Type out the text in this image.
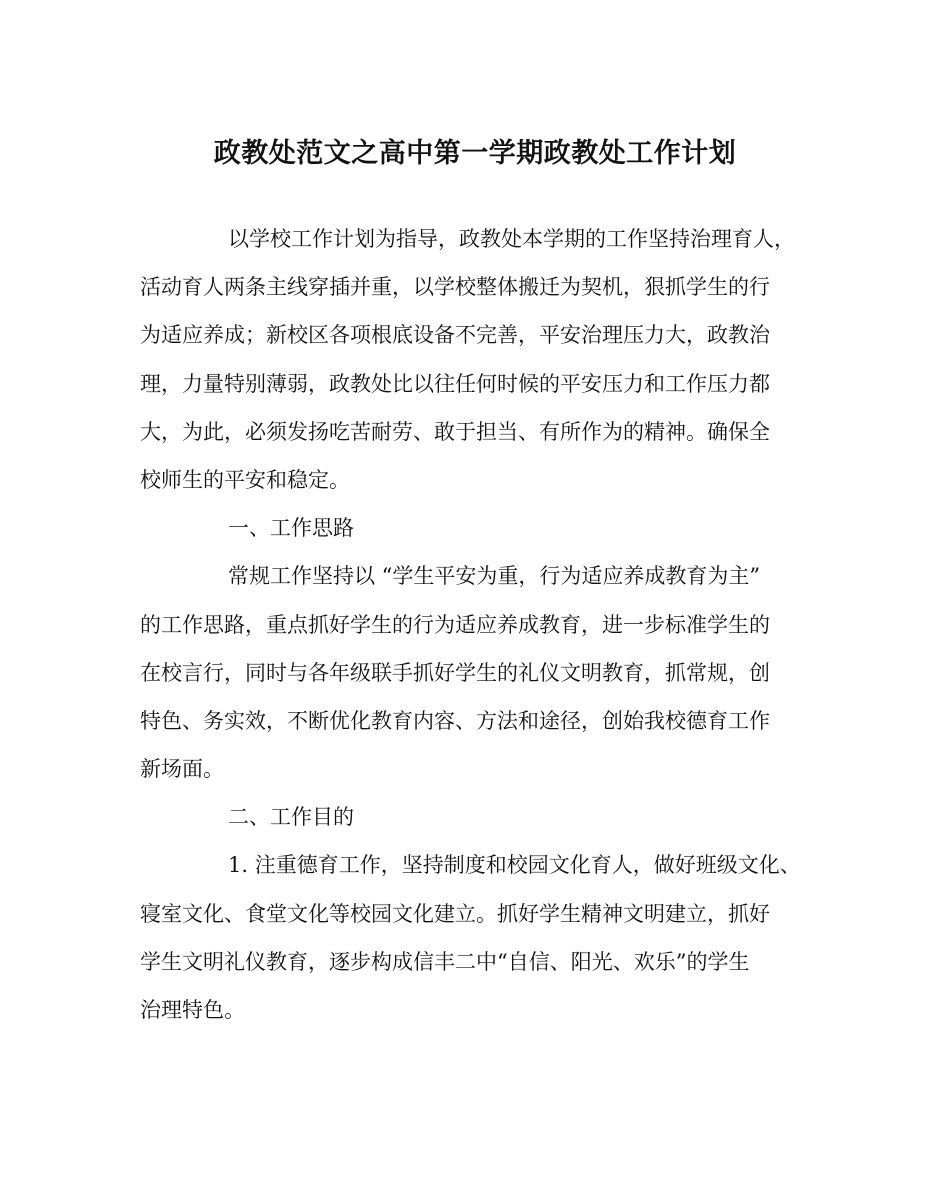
政教处范文之高中第一学期政教处工作计划
以学校工作计划为指导，政教处本学期的工作坚持治理育人，
活动育人两条主线穿插并重，以学校整体搬迁为契机，狠抓学生的行
为适应养成；新校区各项根底设备不完善，平安治理压力大，政教治
理，力量特别薄弱，政教处比以往任何时候的平安压力和工作压力都
大，为此，必须发扬吃苦耐劳、敢于担当、有所作为的精神。确保全
校师生的平安和稳定。
一、工作思路
常规工作坚持以 “学生平安为重，行为适应养成教育为主”
的工作思路，重点抓好学生的行为适应养成教育，进一步标准学生的
在校言行，同时与各年级联手抓好学生的礼仪文明教育，抓常规，创
特色、务实效，不断优化教育内容、方法和途径，创始我校德育工作
新场面。
二、工作目的
1. 注重德育工作，坚持制度和校园文化育人，做好班级文化、
寝室文化、食堂文化等校园文化建立。抓好学生精神文明建立，抓好
学生文明礼仪教育，逐步构成信丰二中“自信、阳光、欢乐”的学生
治理特色。
